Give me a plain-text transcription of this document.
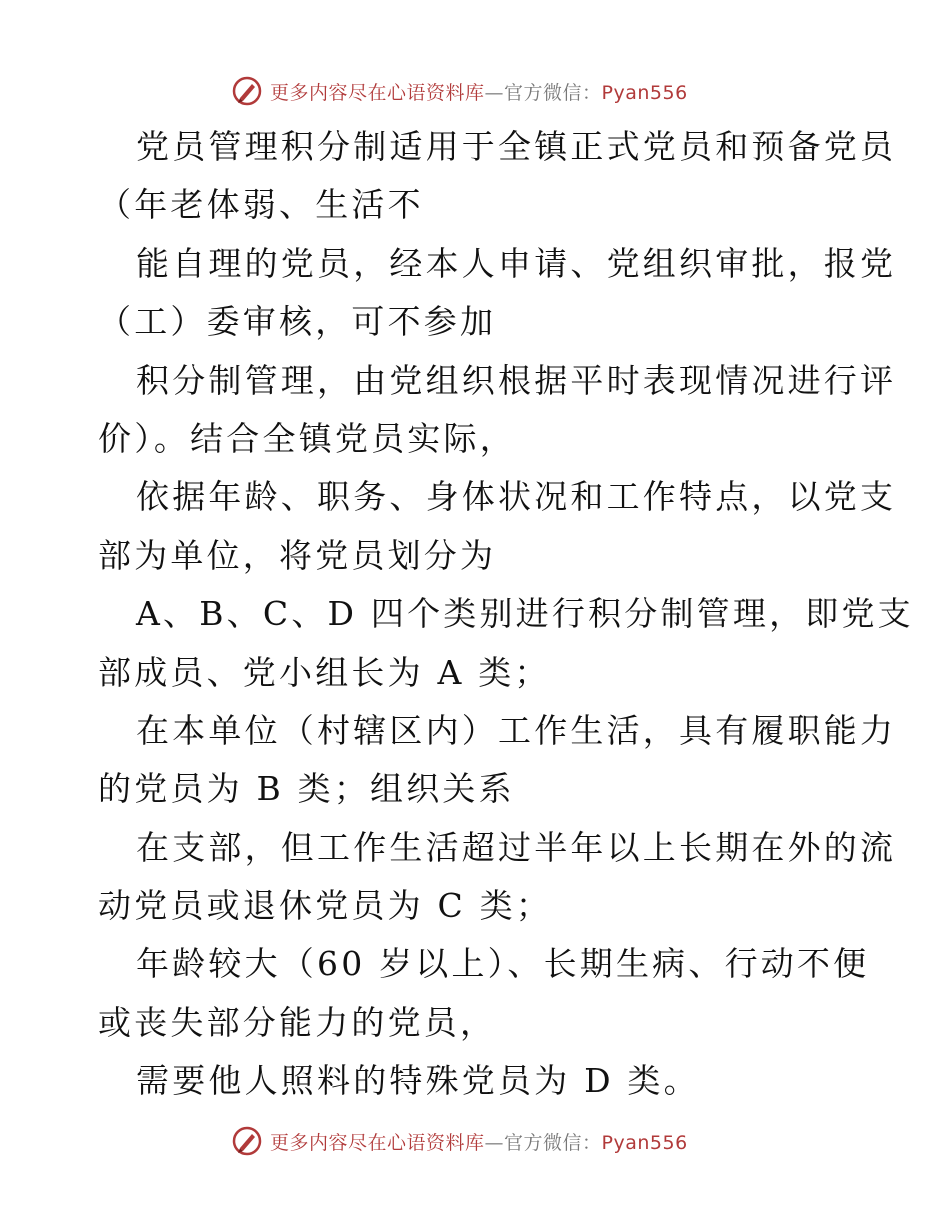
更多内容尽在心语资料库—官方微信：Pyan556
党员管理积分制适用于全镇正式党员和预备党员
（年老体弱、生活不
能自理的党员，经本人申请、党组织审批，报党
（工）委审核，可不参加
积分制管理，由党组织根据平时表现情况进行评
价）。结合全镇党员实际，
依据年龄、职务、身体状况和工作特点，以党支
部为单位，将党员划分为
A、B、C、D 四个类别进行积分制管理，即党支
部成员、党小组长为 A 类；
在本单位（村辖区内）工作生活，具有履职能力
的党员为 B 类；组织关系
在支部，但工作生活超过半年以上长期在外的流
动党员或退休党员为 C 类；
年龄较大（60 岁以上）、长期生病、行动不便
或丧失部分能力的党员，
需要他人照料的特殊党员为 D 类。
更多内容尽在心语资料库—官方微信：Pyan556
